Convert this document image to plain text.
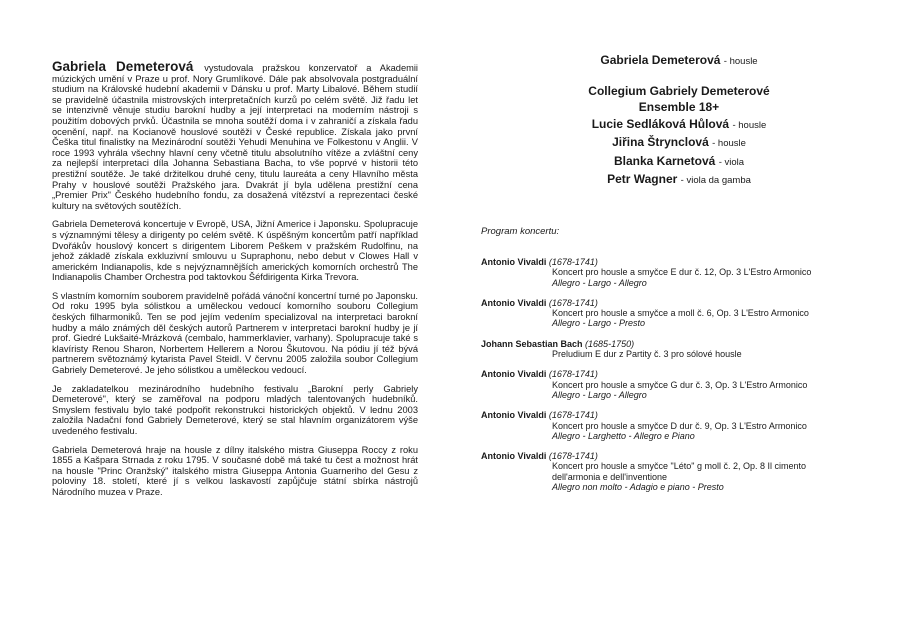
Gabriela Demeterová vystudovala pražskou konzervatoř a Akademii múzických umění v Praze u prof. Nory Grumlíkové. Dále pak absolvovala postgraduální studium na Královské hudební akademii v Dánsku u prof. Marty Libalové. Během studií se pravidelně účastnila mistrovských interpretačních kurzů po celém světě. Již řadu let se intenzivně věnuje studiu barokní hudby a její interpretaci na moderním nástroji s použitím dobových prvků. Účastnila se mnoha soutěží doma i v zahraničí a získala řadu ocenění, např. na Kocianově houslové soutěži v České republice. Získala jako první Češka titul finalistky na Mezinárodní soutěži Yehudi Menuhina ve Folkestonu v Anglii. V roce 1993 vyhrála všechny hlavní ceny včetně titulu absolutního vítěze a zvláštní ceny za nejlepší interpretaci díla Johanna Sebastiana Bacha, to vše poprvé v historii této prestižní soutěže. Je také držitelkou druhé ceny, titulu laureáta a ceny Hlavního města Prahy v houslové soutěži Pražského jara. Dvakrát jí byla udělena prestižní cena „Premier Prix" Českého hudebního fondu, za dosažená vítězství a reprezentaci české kultury na světových soutěžích.

Gabriela Demeterová koncertuje v Evropě, USA, Jižní Americe i Japonsku. Spolupracuje s významnými tělesy a dirigenty po celém světě. K úspěšným koncertům patří například Dvořákův houslový koncert s dirigentem Liborem Peškem v pražském Rudolfinu, na jehož základě získala exkluzivní smlouvu u Supraphonu, nebo debut v Clowes Hall v americkém Indianapolis, kde s nejvýznamnějších amerických komorních orchestrů The Indianapolis Chamber Orchestra pod taktovkou Šéfdirigenta Kirka Trevora.

S vlastním komorním souborem pravidelně pořádá vánoční koncertní turné po Japonsku. Od roku 1995 byla sólistkou a uměleckou vedoucí komorního souboru Collegium českých filharmoniků. Ten se pod jejím vedením specializoval na interpretaci barokní hudby a málo známých děl českých autorů Partnerem v interpretaci barokní hudby je jí prof. Giedré Lukšaité-Mrázková (cembalo, hammerklavier, varhany). Spolupracuje také s klavíristy Renou Sharon, Norbertem Hellerem a Norou Škutovou. Na pódiu jí též bývá partnerem světoznámý kytarista Pavel Steidl. V červnu 2005 založila soubor Collegium Gabriely Demeterové. Je jeho sólistkou a uměleckou vedoucí.

Je zakladatelkou mezinárodního hudebního festivalu „Barokní perly Gabriely Demeterové", který se zaměřoval na podporu mladých talentovaných hudebníků. Smyslem festivalu bylo také podpořit rekonstrukci historických objektů. V lednu 2003 založila Nadační fond Gabriely Demeterové, který se stal hlavním organizátorem výše uvedeného festivalu.

Gabriela Demeterová hraje na housle z dílny italského mistra Giuseppa Roccy z roku 1855 a Kašpara Strnada z roku 1795. V současné době má také tu čest a možnost hrát na housle "Princ Oranžský" italského mistra Giuseppa Antonia Guarneriho del Gesu z poloviny 18. století, které jí s velkou laskavostí zapůjčuje státní sbírka nástrojů Národního muzea v Praze.

Gabriela Demeterová - housle
Collegium Gabriely Demeterové
Ensemble 18+
Lucie Sedláková Hůlová - housle
Jiřina Štrynclová - housle
Blanka Karnetová - viola
Petr Wagner - viola da gamba
Program koncertu:
Antonio Vivaldi (1678-1741)
Koncert pro housle a smyčce E dur č. 12, Op. 3 L'Estro Armonico
Allegro - Largo - Allegro
Antonio Vivaldi (1678-1741)
Koncert pro housle a smyčce a moll č. 6, Op. 3 L'Estro Armonico
Allegro - Largo - Presto
Johann Sebastian Bach (1685-1750)
Preludium E dur z Partity č. 3 pro sólové housle
Antonio Vivaldi (1678-1741)
Koncert pro housle a smyčce G dur č. 3, Op. 3 L'Estro Armonico
Allegro - Largo - Allegro
Antonio Vivaldi (1678-1741)
Koncert pro housle a smyčce D dur č. 9, Op. 3 L'Estro Armonico
Allegro - Larghetto - Allegro e Piano
Antonio Vivaldi (1678-1741)
Koncert pro housle a smyčce "Léto" g moll č. 2, Op. 8 Il cimento
dell'armonia e dell'inventione
Allegro non molto - Adagio e piano - Presto
